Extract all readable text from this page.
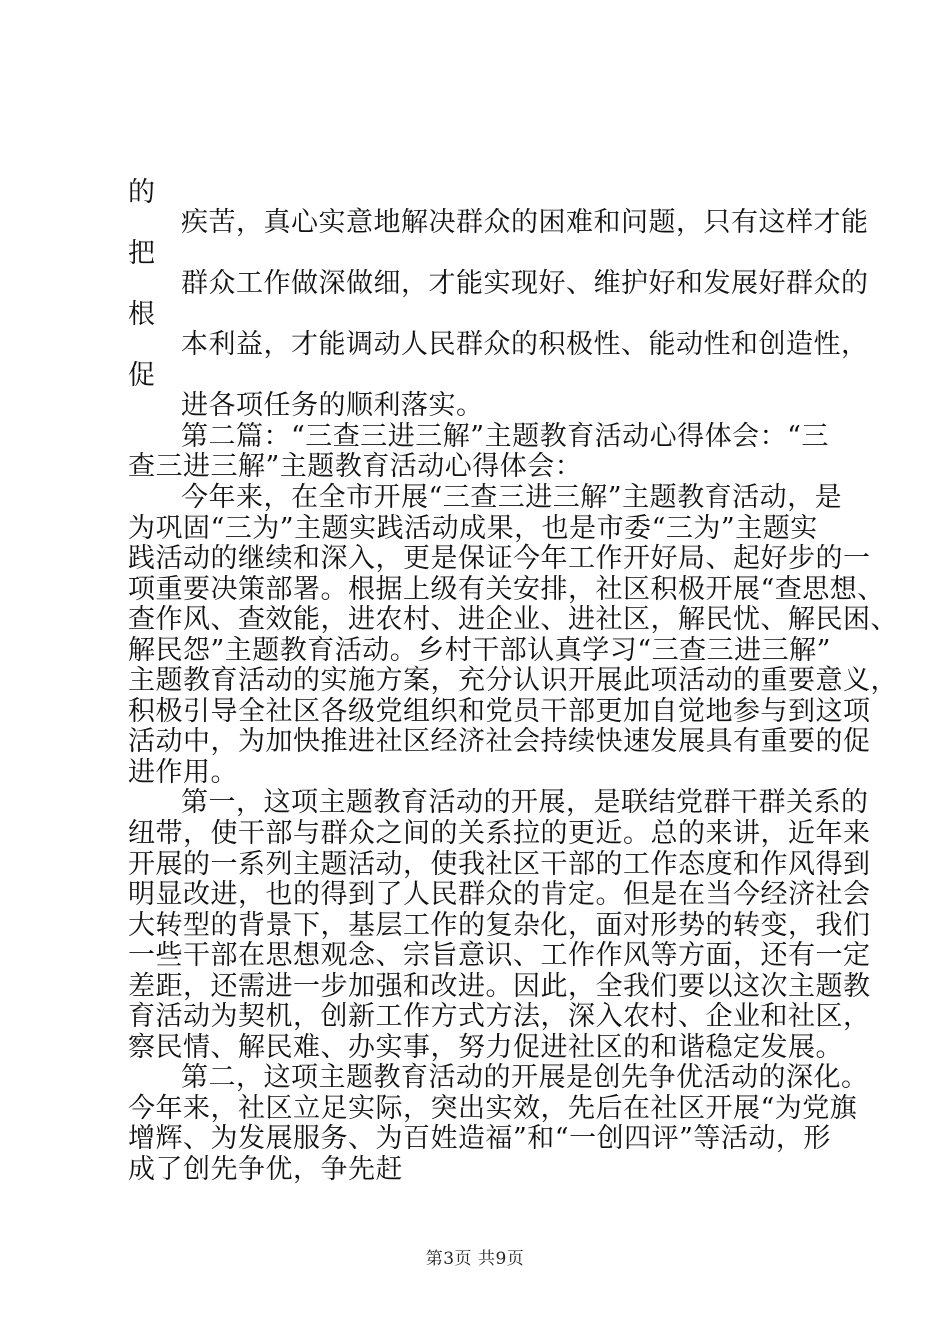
的
疾苦，真心实意地解决群众的困难和问题，只有这样才能
把
群众工作做深做细，才能实现好、维护好和发展好群众的
根
本利益，才能调动人民群众的积极性、能动性和创造性，
促
进各项任务的顺利落实。
第二篇：“三查三进三解”主题教育活动心得体会：“三
查三进三解”主题教育活动心得体会：
今年来，在全市开展“三查三进三解”主题教育活动，是
为巩固“三为”主题实践活动成果，也是市委“三为”主题实
践活动的继续和深入，更是保证今年工作开好局、起好步的一
项重要决策部署。根据上级有关安排，社区积极开展“查思想、
查作风、查效能，进农村、进企业、进社区，解民忧、解民困、
解民怨”主题教育活动。乡村干部认真学习“三查三进三解”
主题教育活动的实施方案，充分认识开展此项活动的重要意义，
积极引导全社区各级党组织和党员干部更加自觉地参与到这项
活动中，为加快推进社区经济社会持续快速发展具有重要的促
进作用。
第一，这项主题教育活动的开展，是联结党群干群关系的
纽带，使干部与群众之间的关系拉的更近。总的来讲，近年来
开展的一系列主题活动，使我社区干部的工作态度和作风得到
明显改进，也的得到了人民群众的肯定。但是在当今经济社会
大转型的背景下，基层工作的复杂化，面对形势的转变，我们
一些干部在思想观念、宗旨意识、工作作风等方面，还有一定
差距，还需进一步加强和改进。因此，全我们要以这次主题教
育活动为契机，创新工作方式方法，深入农村、企业和社区，
察民情、解民难、办实事，努力促进社区的和谐稳定发展。
第二，这项主题教育活动的开展是创先争优活动的深化。
今年来，社区立足实际，突出实效，先后在社区开展“为党旗
增辉、为发展服务、为百姓造福”和“一创四评”等活动，形
成了创先争优，争先赶
第3页 共9页
